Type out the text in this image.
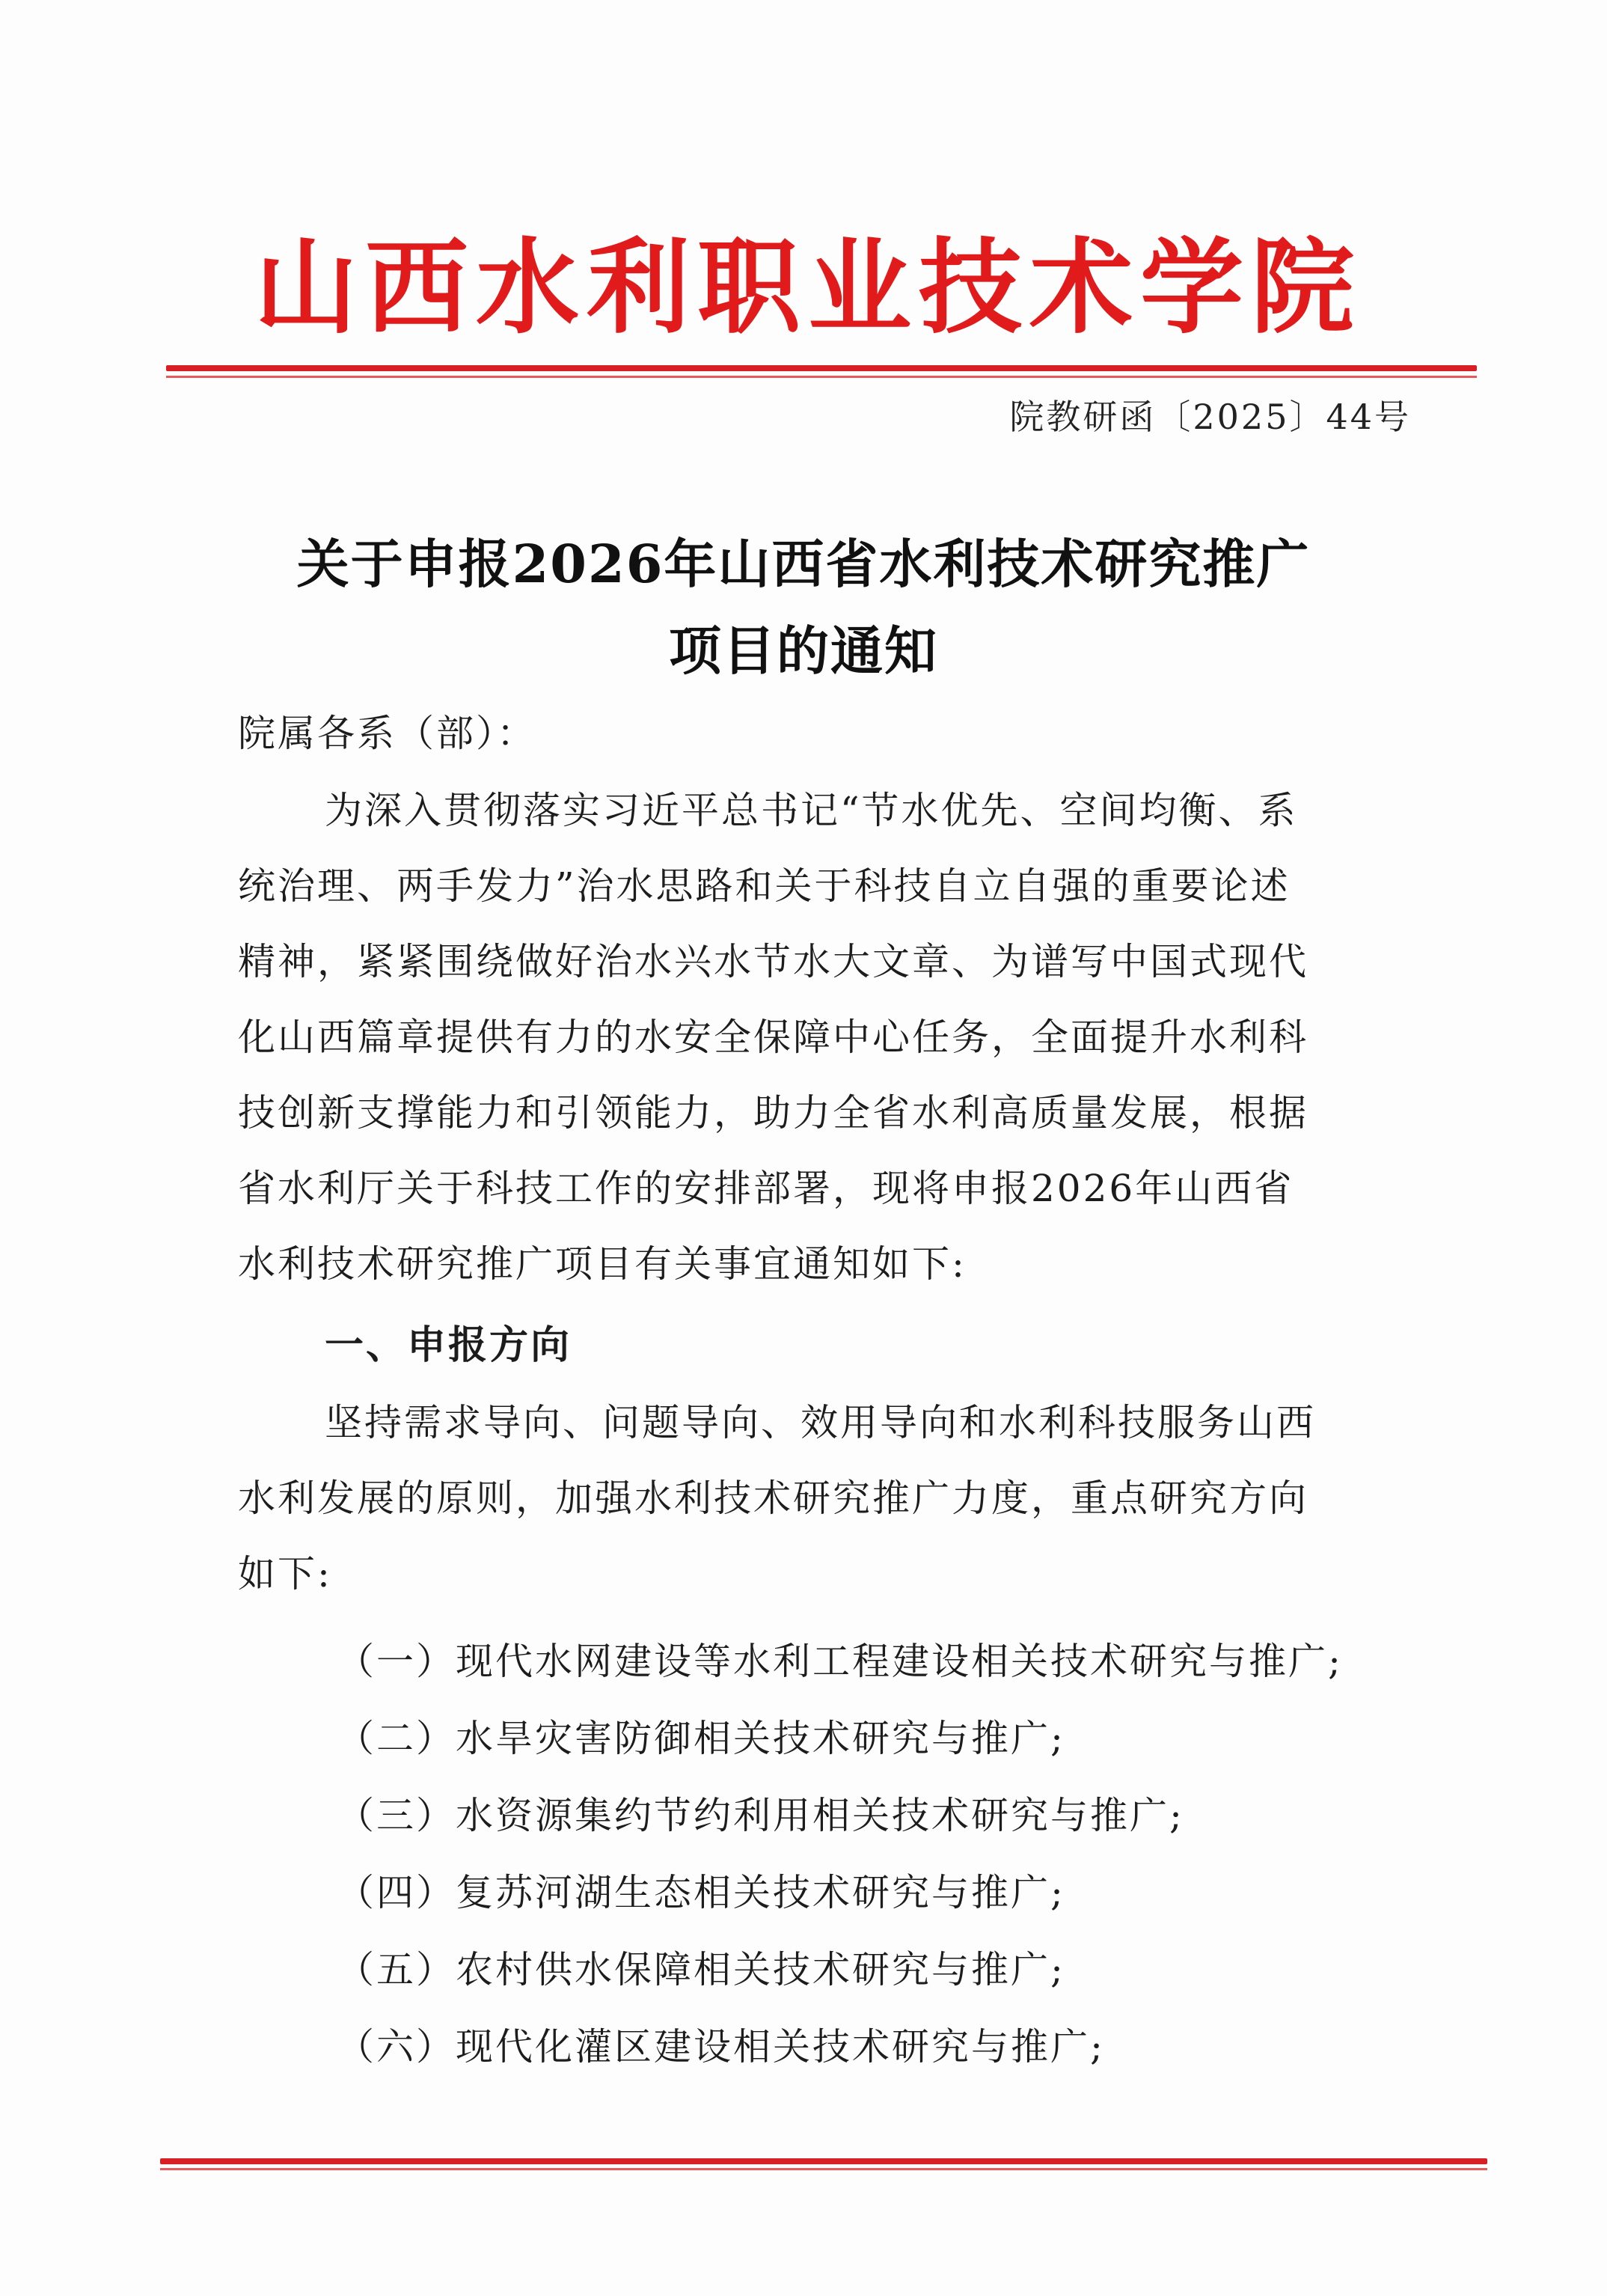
山西水利职业技术学院
院教研函〔2025〕44号
关于申报2026年山西省水利技术研究推广
项目的通知
院属各系（部）：
为深入贯彻落实习近平总书记“节水优先、空间均衡、系
统治理、两手发力”治水思路和关于科技自立自强的重要论述
精神，紧紧围绕做好治水兴水节水大文章、为谱写中国式现代
化山西篇章提供有力的水安全保障中心任务，全面提升水利科
技创新支撑能力和引领能力，助力全省水利高质量发展，根据
省水利厅关于科技工作的安排部署，现将申报2026年山西省
水利技术研究推广项目有关事宜通知如下:
一、申报方向
坚持需求导向、问题导向、效用导向和水利科技服务山西
水利发展的原则，加强水利技术研究推广力度，重点研究方向
如下:
（一）现代水网建设等水利工程建设相关技术研究与推广;
（二）水旱灾害防御相关技术研究与推广;
（三）水资源集约节约利用相关技术研究与推广;
（四）复苏河湖生态相关技术研究与推广;
（五）农村供水保障相关技术研究与推广;
（六）现代化灌区建设相关技术研究与推广;
